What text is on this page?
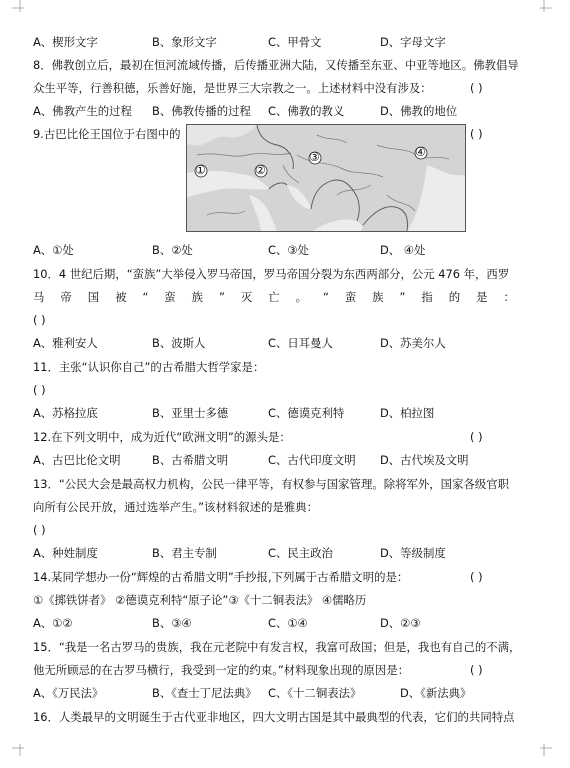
A、楔形文字	B、象形文字	C、甲骨文	D、字母文字
8．佛教创立后，最初在恒河流域传播，后传播亚洲大陆，又传播至东亚、中亚等地区。佛教倡导
众生平等，行善积德，乐善好施，是世界三大宗教之一。上述材料中没有涉及：	( )
A、佛教产生的过程 B、佛教传播的过程 C、佛教的教义	D、佛教的地位
9.古巴比伦王国位于右图中的	( )
①	②
③	④
A、①处	B、②处	C、③处	D、 ④处
10．4 世纪后期，“蛮族”大举侵入罗马帝国，罗马帝国分裂为东西两部分，公元 476 年，西罗
马 帝 国 被 “ 蛮 族 ” 灭 亡 。 “ 蛮 族 ” 指 的 是 ：
( )
A、雅利安人	B、波斯人	C、日耳曼人	D、苏美尔人
11．主张“认识你自己”的古希腊大哲学家是：
( )
A、苏格拉底	B、亚里士多德	C、德谟克利特	D、柏拉图
12.在下列文明中，成为近代“欧洲文明”的源头是：	( )
A、古巴比伦文明	B、古希腊文明	C、古代印度文明 D、古代埃及文明
13．“公民大会是最高权力机构，公民一律平等，有权参与国家管理。除将军外，国家各级官职
向所有公民开放，通过选举产生。”该材料叙述的是雅典：
( )
A、种姓制度	B、君主专制	C、民主政治	D、等级制度
14.某同学想办一份“辉煌的古希腊文明”手抄报,下列属于古希腊文明的是：	( )
①《掷铁饼者》 ②德谟克利特“原子论”③《十二铜表法》 ④儒略历
A、①②	B、③④	C、①④	D、②③
15．“我是一名古罗马的贵族，我在元老院中有发言权，我富可敌国；但是，我也有自己的不满，
他无所顾忌的在古罗马横行，我受到一定的约束。”材料现象出现的原因是：	( )
A、《万民法》	B、《查士丁尼法典》 C、《十二铜表法》	D、《新法典》
16．人类最早的文明诞生于古代亚非地区，四大文明古国是其中最典型的代表，它们的共同特点
